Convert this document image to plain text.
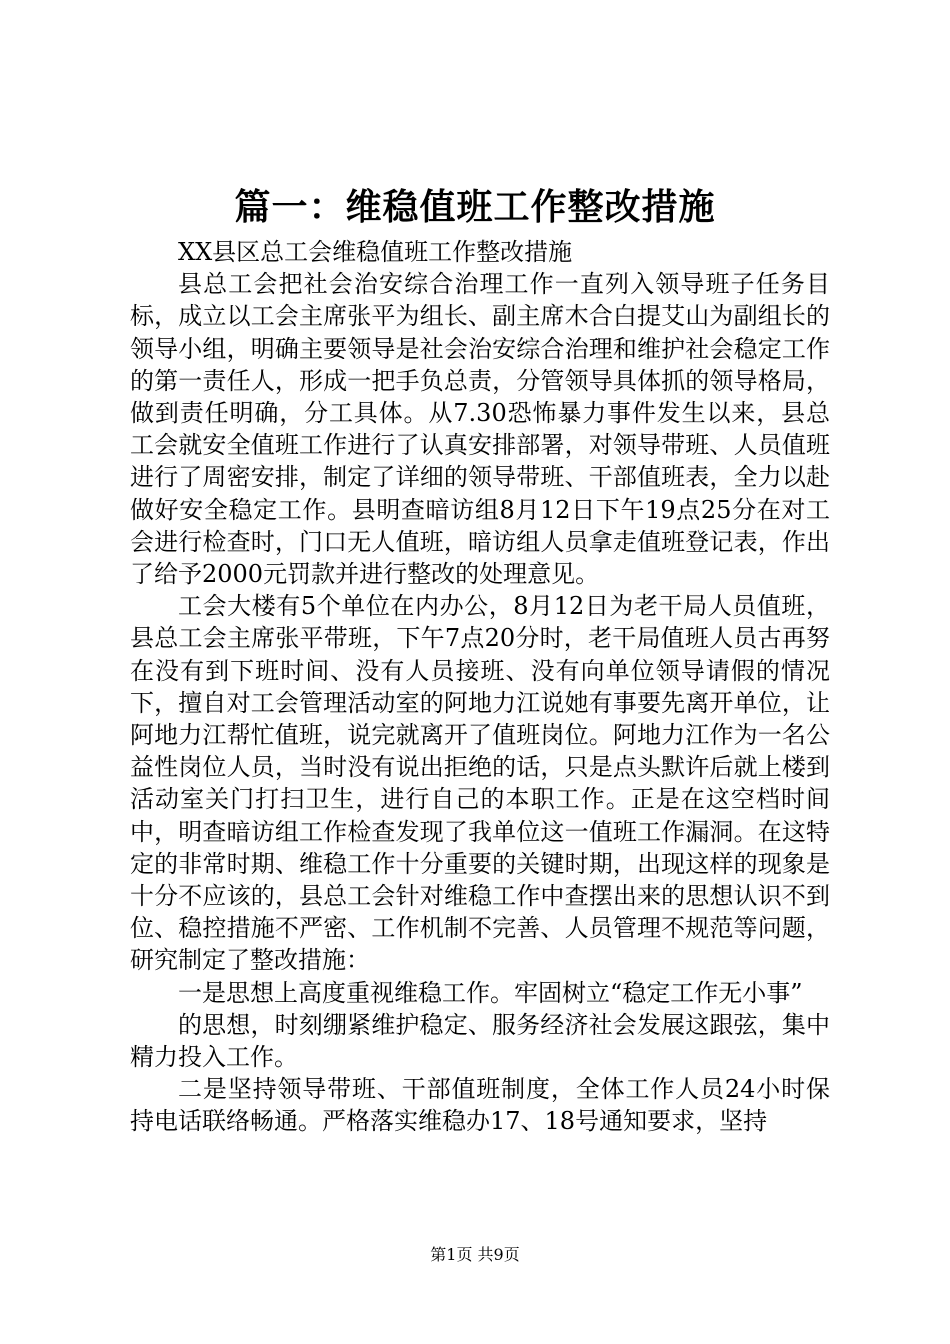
篇一：维稳值班工作整改措施

XX县区总工会维稳值班工作整改措施

县总工会把社会治安综合治理工作一直列入领导班子任务目标，成立以工会主席张平为组长、副主席木合白提艾山为副组长的领导小组，明确主要领导是社会治安综合治理和维护社会稳定工作的第一责任人，形成一把手负总责，分管领导具体抓的领导格局，做到责任明确，分工具体。从7.30恐怖暴力事件发生以来，县总工会就安全值班工作进行了认真安排部署，对领导带班、人员值班进行了周密安排，制定了详细的领导带班、干部值班表，全力以赴做好安全稳定工作。县明查暗访组8月12日下午19点25分在对工会进行检查时，门口无人值班，暗访组人员拿走值班登记表，作出了给予2000元罚款并进行整改的处理意见。

工会大楼有5个单位在内办公，8月12日为老干局人员值班，县总工会主席张平带班，下午7点20分时，老干局值班人员古再努在没有到下班时间、没有人员接班、没有向单位领导请假的情况下，擅自对工会管理活动室的阿地力江说她有事要先离开单位，让阿地力江帮忙值班，说完就离开了值班岗位。阿地力江作为一名公益性岗位人员，当时没有说出拒绝的话，只是点头默许后就上楼到活动室关门打扫卫生，进行自己的本职工作。正是在这空档时间中，明查暗访组工作检查发现了我单位这一值班工作漏洞。在这特定的非常时期、维稳工作十分重要的关键时期，出现这样的现象是十分不应该的，县总工会针对维稳工作中查摆出来的思想认识不到位、稳控措施不严密、工作机制不完善、人员管理不规范等问题，研究制定了整改措施：

一是思想上高度重视维稳工作。牢固树立“稳定工作无小事”

的思想，时刻绷紧维护稳定、服务经济社会发展这跟弦，集中精力投入工作。

二是坚持领导带班、干部值班制度，全体工作人员24小时保持电话联络畅通。严格落实维稳办17、18号通知要求，坚持

第1页 共9页
